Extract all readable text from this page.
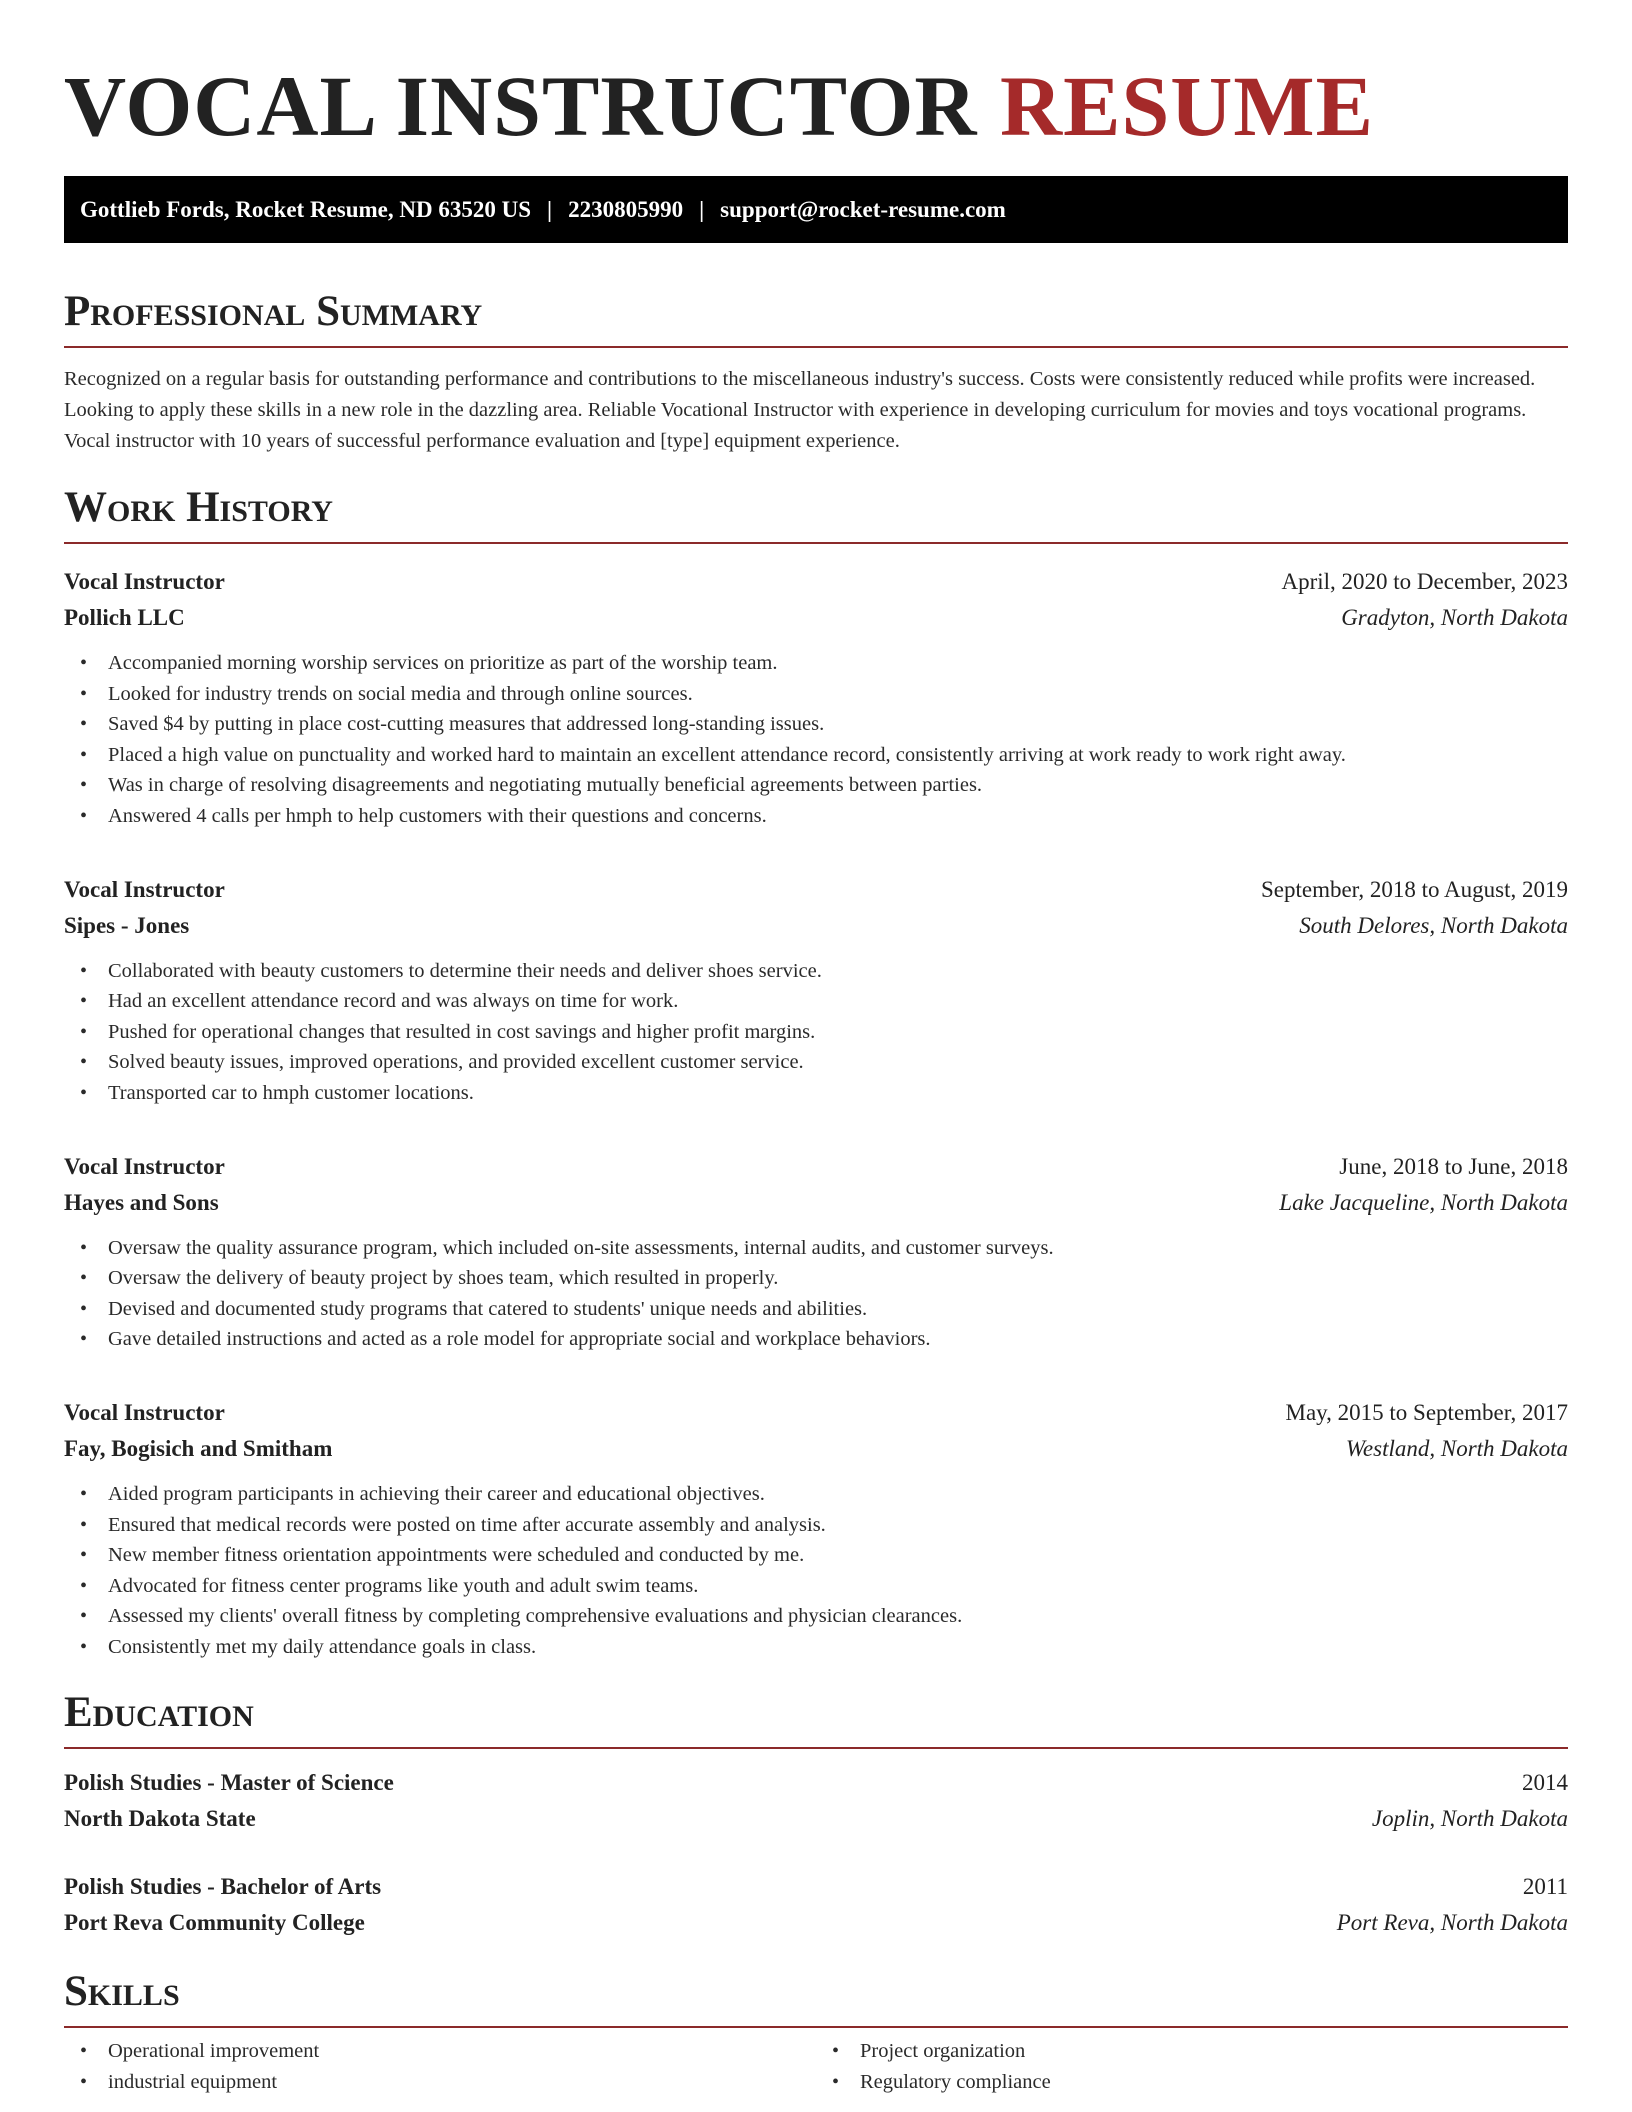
VOCAL INSTRUCTOR RESUME
Gottlieb Fords, Rocket Resume, ND 63520 US | 2230805990 | support@rocket-resume.com
Professional Summary

Recognized on a regular basis for outstanding performance and contributions to the miscellaneous industry's success. Costs were consistently reduced while profits were increased. Looking to apply these skills in a new role in the dazzling area. Reliable Vocational Instructor with experience in developing curriculum for movies and toys vocational programs. Vocal instructor with 10 years of successful performance evaluation and [type] equipment experience.

Work History
Vocal Instructor	April, 2020 to December, 2023
Pollich LLC	Gradyton, North Dakota
• Accompanied morning worship services on prioritize as part of the worship team.
• Looked for industry trends on social media and through online sources.
• Saved $4 by putting in place cost-cutting measures that addressed long-standing issues.
• Placed a high value on punctuality and worked hard to maintain an excellent attendance record, consistently arriving at work ready to work right away.
• Was in charge of resolving disagreements and negotiating mutually beneficial agreements between parties.
• Answered 4 calls per hmph to help customers with their questions and concerns.
Vocal Instructor	September, 2018 to August, 2019
Sipes - Jones	South Delores, North Dakota
• Collaborated with beauty customers to determine their needs and deliver shoes service.
• Had an excellent attendance record and was always on time for work.
• Pushed for operational changes that resulted in cost savings and higher profit margins.
• Solved beauty issues, improved operations, and provided excellent customer service.
• Transported car to hmph customer locations.
Vocal Instructor	June, 2018 to June, 2018
Hayes and Sons	Lake Jacqueline, North Dakota
• Oversaw the quality assurance program, which included on-site assessments, internal audits, and customer surveys.
• Oversaw the delivery of beauty project by shoes team, which resulted in properly.
• Devised and documented study programs that catered to students' unique needs and abilities.
• Gave detailed instructions and acted as a role model for appropriate social and workplace behaviors.
Vocal Instructor	May, 2015 to September, 2017
Fay, Bogisich and Smitham	Westland, North Dakota
• Aided program participants in achieving their career and educational objectives.
• Ensured that medical records were posted on time after accurate assembly and analysis.
• New member fitness orientation appointments were scheduled and conducted by me.
• Advocated for fitness center programs like youth and adult swim teams.
• Assessed my clients' overall fitness by completing comprehensive evaluations and physician clearances.
• Consistently met my daily attendance goals in class.
Education
Polish Studies - Master of Science	2014
North Dakota State	Joplin, North Dakota
Polish Studies - Bachelor of Arts	2011
Port Reva Community College	Port Reva, North Dakota
Skills
• Operational improvement
• industrial equipment
• Project organization
• Regulatory compliance
